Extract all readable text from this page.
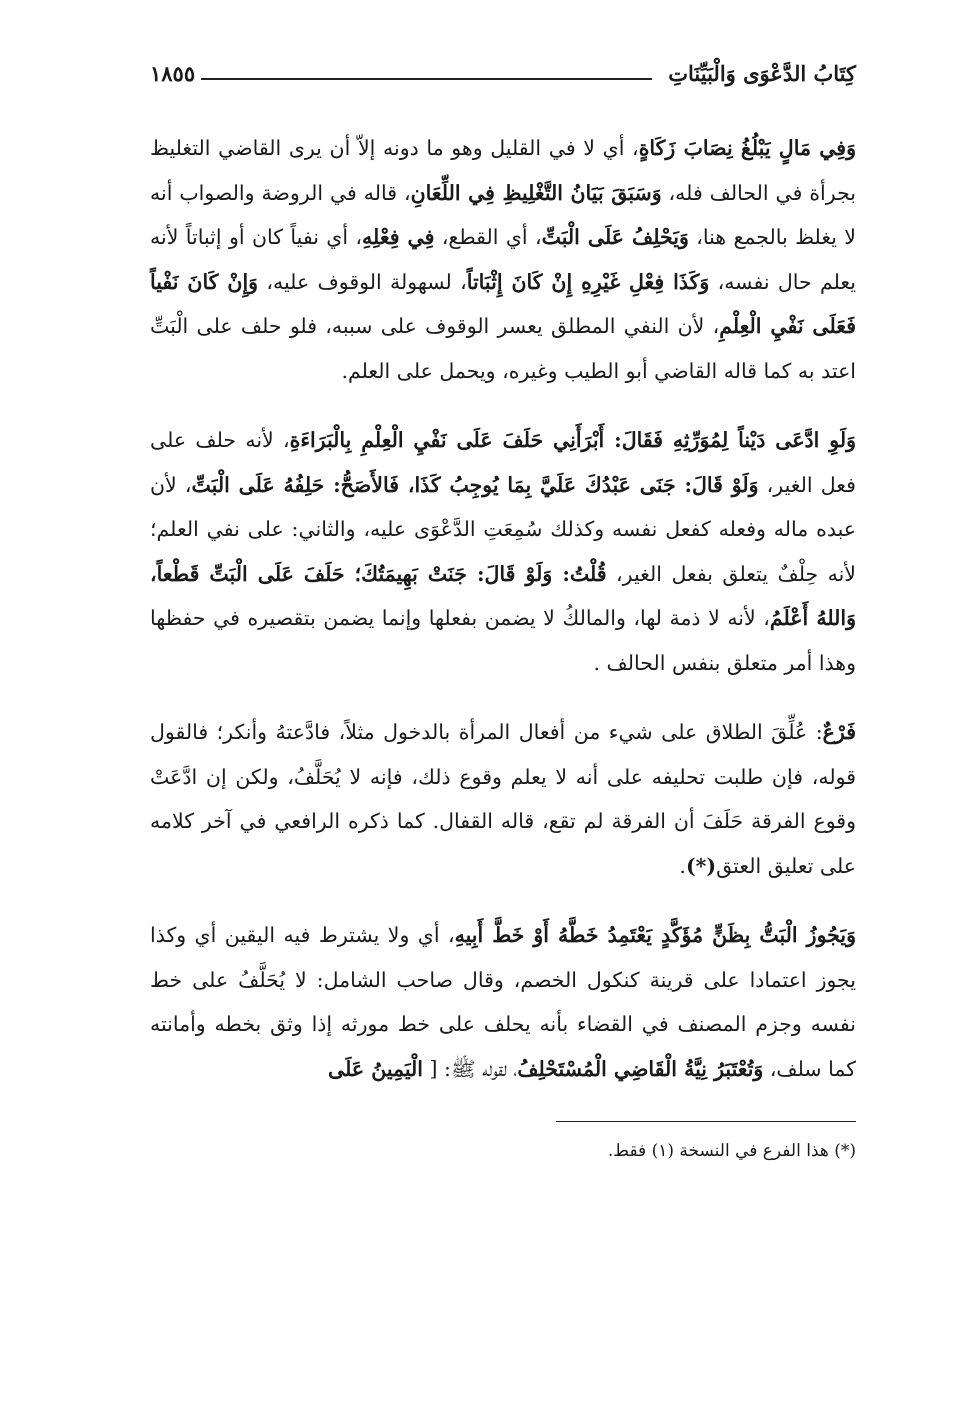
كِتَابُ الدَّعْوَى وَالْبَيِّنَاتِ
١٨٥٥

وَفِي مَالٍ يَبْلُغُ نِصَابَ زَكَاةٍ، أي لا في القليل وهو ما دونه إلاّ أن يرى القاضي التغليظ بجرأة في الحالف فله، وَسَبَقَ بَيَانُ التَّغْلِيظِ فِي اللِّعَانِ، قاله في الروضة والصواب أنه لا يغلظ بالجمع هنا، وَيَحْلِفُ عَلَى الْبَتِّ، أي القطع، فِي فِعْلِهِ، أي نفياً كان أو إثباتاً لأنه يعلم حال نفسه، وَكَذَا فِعْلِ غَيْرِهِ إِنْ كَانَ إِثْبَاتاً، لسهولة الوقوف عليه، وَإِنْ كَانَ نَفْياً فَعَلَى نَفْيِ الْعِلْمِ، لأن النفي المطلق يعسر الوقوف على سببه، فلو حلف على الْبَتِّ اعتد به كما قاله القاضي أبو الطيب وغيره، ويحمل على العلم.

وَلَوِ ادَّعَى دَيْناً لِمُوَرِّثِهِ فَقَالَ: أَبْرَأَنِي حَلَفَ عَلَى نَفْيِ الْعِلْمِ بِالْبَرَاءَةِ، لأنه حلف على فعل الغير، وَلَوْ قَالَ: جَنَى عَبْدُكَ عَلَيَّ بِمَا يُوجِبُ كَذَا، فَالأَصَحُّ: حَلِفُهُ عَلَى الْبَتِّ، لأن عبده ماله وفعله كفعل نفسه وكذلك سُمِعَتِ الدَّعْوَى عليه، والثاني: على نفي العلم؛ لأنه حِلْفٌ يتعلق بفعل الغير، قُلْتُ: وَلَوْ قَالَ: جَنَتْ بَهِيمَتُكَ؛ حَلَفَ عَلَى الْبَتِّ قَطْعاً، وَاللهُ أَعْلَمُ، لأنه لا ذمة لها، والمالكُ لا يضمن بفعلها وإنما يضمن بتقصيره في حفظها وهذا أمر متعلق بنفس الحالف .

فَرْعٌ: عُلِّقَ الطلاق على شيء من أفعال المرأة بالدخول مثلاً، فادَّعتهُ وأنكر؛ فالقول قوله، فإن طلبت تحليفه على أنه لا يعلم وقوع ذلك، فإنه لا يُحَلَّفُ، ولكن إن ادَّعَتْ وقوع الفرقة حَلَفَ أن الفرقة لم تقع، قاله القفال. كما ذكره الرافعي في آخر كلامه على تعليق العتق(*).

وَيَجُوزُ الْبَتُّ بِظَنٍّ مُؤَكَّدٍ يَعْتَمِدُ خَطَّهُ أَوْ خَطَّ أَبِيهِ، أي ولا يشترط فيه اليقين أي وكذا يجوز اعتمادا على قرينة كنكول الخصم، وقال صاحب الشامل: لا يُحَلَّفُ على خط نفسه وجزم المصنف في القضاء بأنه يحلف على خط مورثه إذا وثق بخطه وأمانته كما سلف، وَتُعْتَبَرُ نِيَّةُ الْقَاضِي الْمُسْتَحْلِفُ، لقوله ﷺ: [ الْيَمِينُ عَلَى

(*) هذا الفرع في النسخة (١) فقط.
